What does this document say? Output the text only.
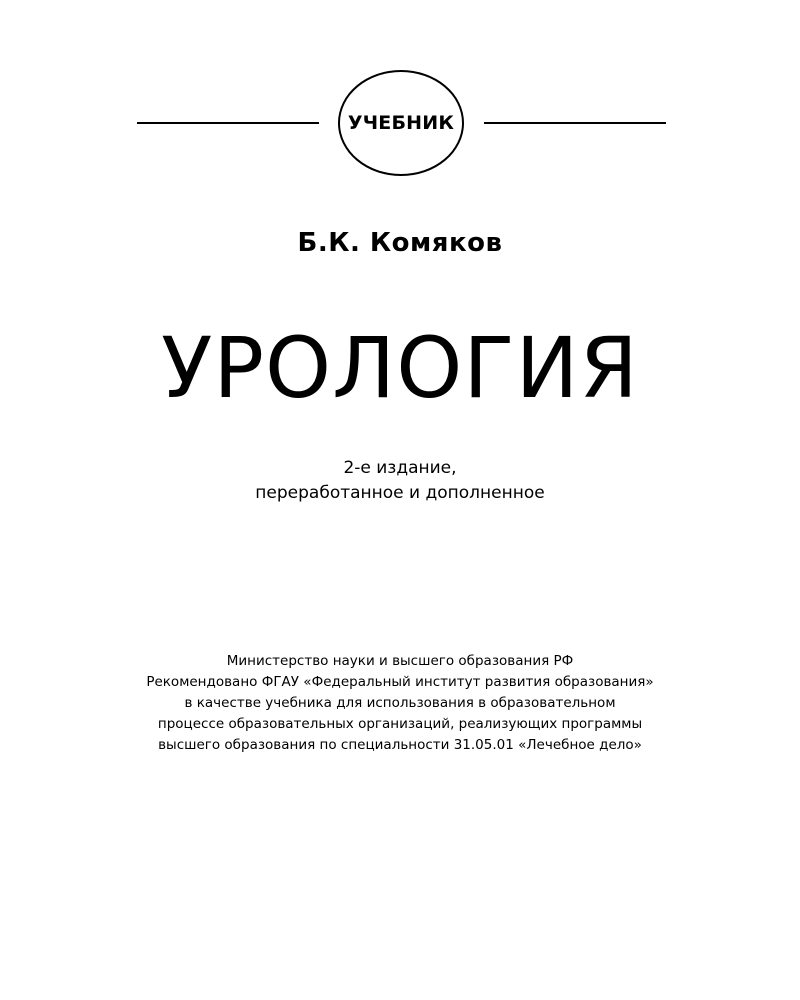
УЧЕБНИК
Б.К. Комяков
УРОЛОГИЯ
2-е издание,
переработанное и дополненное
Министерство науки и высшего образования РФ
Рекомендовано ФГАУ «Федеральный институт развития образования»
в качестве учебника для использования в образовательном
процессе образовательных организаций, реализующих программы
высшего образования по специальности 31.05.01 «Лечебное дело»
